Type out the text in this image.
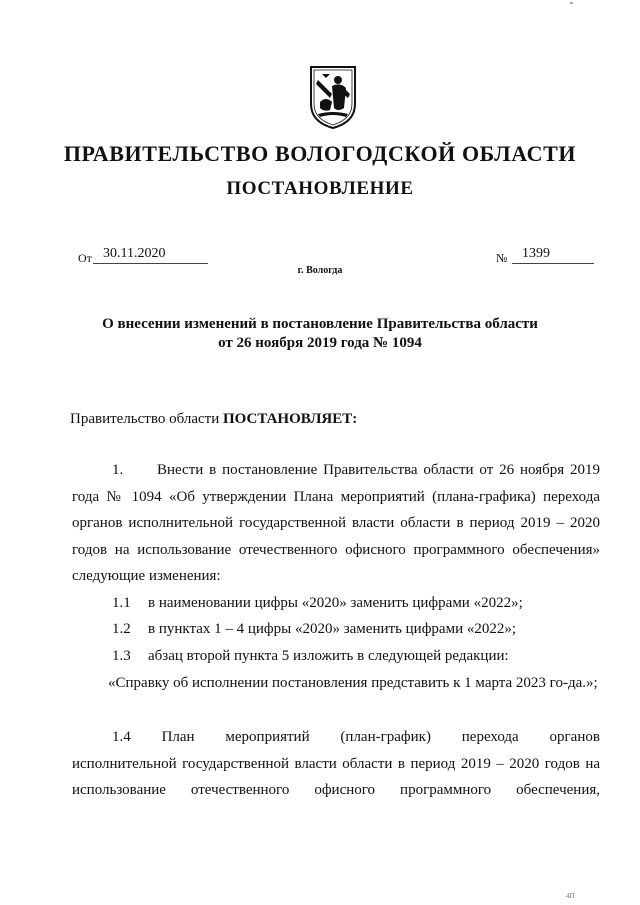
ПРАВИТЕЛЬСТВО ВОЛОГОДСКОЙ ОБЛАСТИ
ПОСТАНОВЛЕНИЕ
От 30.11.2020	№ 1399
г. Вологда
О внесении изменений в постановление Правительства области
от 26 ноября 2019 года № 1094
Правительство области ПОСТАНОВЛЯЕТ:
1. Внести в постановление Правительства области от 26 ноября 2019 года № 1094 «Об утверждении Плана мероприятий (плана-графика) перехода органов исполнительной государственной власти области в период 2019 – 2020 годов на использование отечественного офисного программного обеспечения» следующие изменения:
1.1 в наименовании цифры «2020» заменить цифрами «2022»;
1.2 в пунктах 1 – 4 цифры «2020» заменить цифрами «2022»;
1.3 абзац второй пункта 5 изложить в следующей редакции:
«Справку об исполнении постановления представить к 1 марта 2023 го-да.»;
1.4 План мероприятий (план-график) перехода органов
исполнительной государственной власти области в период 2019 – 2020 годов на использование отечественного офисного программного обеспечения,
4П
